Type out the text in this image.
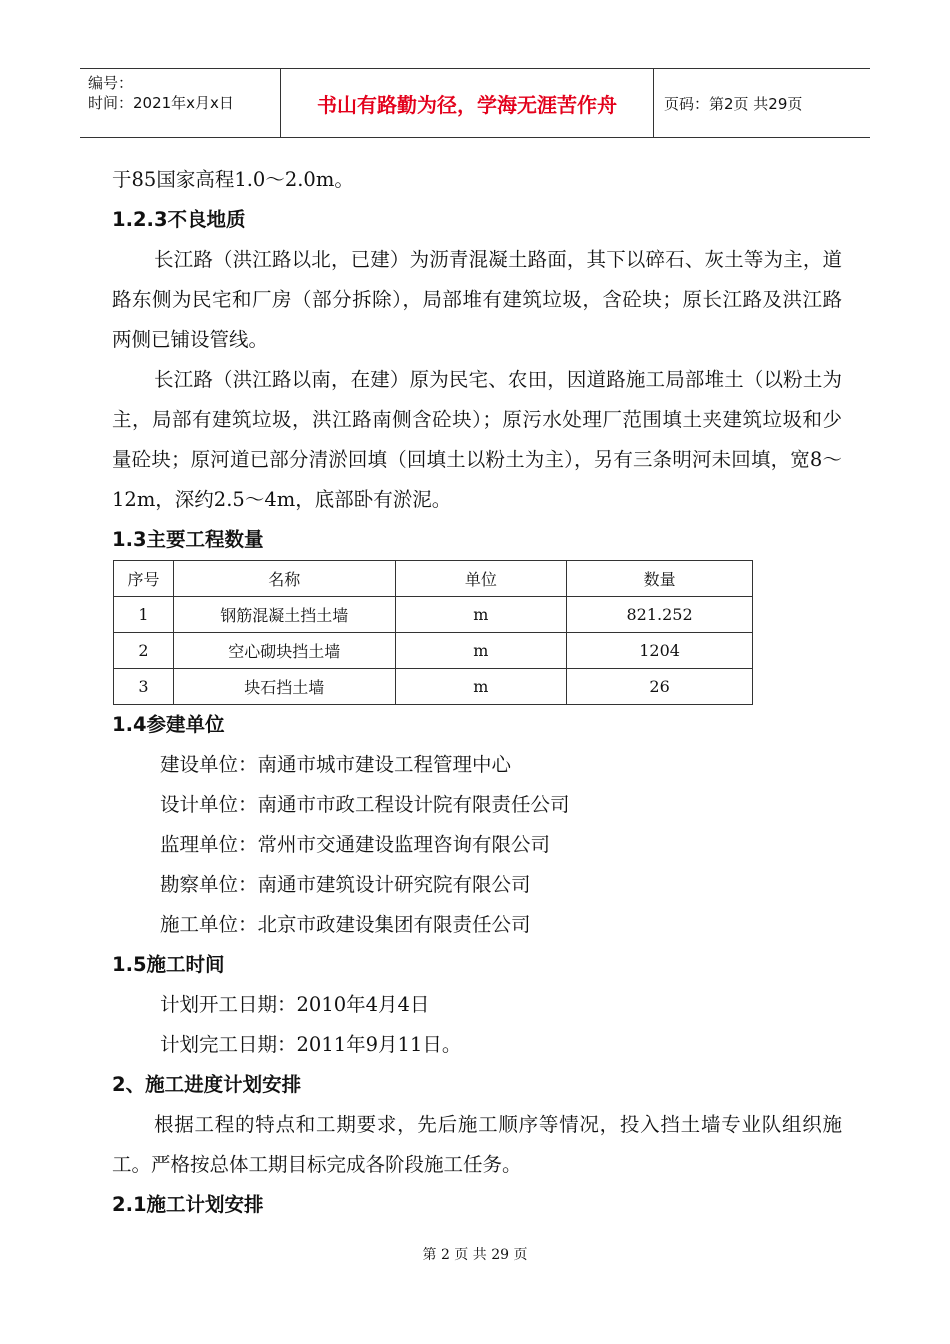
编号：
时间：2021年x月x日	书山有路勤为径，学海无涯苦作舟	页码：第2页 共29页

于85国家高程1.0～2.0m。

1.2.3不良地质

长江路（洪江路以北，已建）为沥青混凝土路面，其下以碎石、灰土等为主，道路东侧为民宅和厂房（部分拆除），局部堆有建筑垃圾，含砼块；原长江路及洪江路两侧已铺设管线。

长江路（洪江路以南，在建）原为民宅、农田，因道路施工局部堆土（以粉土为主，局部有建筑垃圾，洪江路南侧含砼块）；原污水处理厂范围填土夹建筑垃圾和少量砼块；原河道已部分清淤回填（回填土以粉土为主），另有三条明河未回填，宽8～12m，深约2.5～4m，底部卧有淤泥。

1.3主要工程数量

序号	名称	单位	数量
1	钢筋混凝土挡土墙	m	821.252
2	空心砌块挡土墙	m	1204
3	块石挡土墙	m	26

1.4参建单位

建设单位：南通市城市建设工程管理中心

设计单位：南通市市政工程设计院有限责任公司

监理单位：常州市交通建设监理咨询有限公司

勘察单位：南通市建筑设计研究院有限公司

施工单位：北京市政建设集团有限责任公司

1.5施工时间

计划开工日期：2010年4月4日

计划完工日期：2011年9月11日。

2、施工进度计划安排

根据工程的特点和工期要求，先后施工顺序等情况，投入挡土墙专业队组织施工。严格按总体工期目标完成各阶段施工任务。

2.1施工计划安排

第 2 页 共 29 页
